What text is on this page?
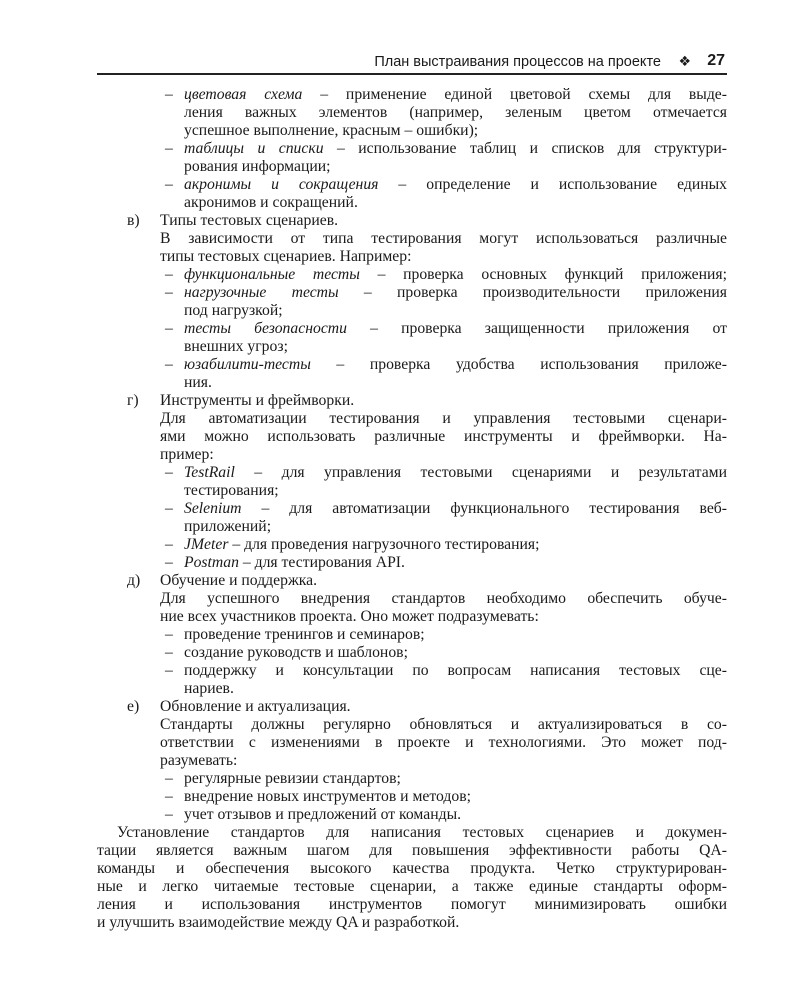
План выстраивания процессов на проекте ❖ 27
– цветовая схема – применение единой цветовой схемы для выде-
ления важных элементов (например, зеленым цветом отмечается
успешное выполнение, красным – ошибки);
– таблицы и списки – использование таблиц и списков для структури-
рования информации;
– акронимы и сокращения – определение и использование единых
акронимов и сокращений.
в) Типы тестовых сценариев.
В зависимости от типа тестирования могут использоваться различные
типы тестовых сценариев. Например:
– функциональные тесты – проверка основных функций приложения;
– нагрузочные тесты – проверка производительности приложения
под нагрузкой;
– тесты безопасности – проверка защищенности приложения от
внешних угроз;
– юзабилити-тесты – проверка удобства использования приложе-
ния.
г) Инструменты и фреймворки.
Для автоматизации тестирования и управления тестовыми сценари-
ями можно использовать различные инструменты и фреймворки. На-
пример:
– TestRail – для управления тестовыми сценариями и результатами
тестирования;
– Selenium – для автоматизации функционального тестирования веб-
приложений;
– JMeter – для проведения нагрузочного тестирования;
– Postman – для тестирования API.
д) Обучение и поддержка.
Для успешного внедрения стандартов необходимо обеспечить обуче-
ние всех участников проекта. Оно может подразумевать:
– проведение тренингов и семинаров;
– создание руководств и шаблонов;
– поддержку и консультации по вопросам написания тестовых сце-
нариев.
е) Обновление и актуализация.
Стандарты должны регулярно обновляться и актуализироваться в со-
ответствии с изменениями в проекте и технологиями. Это может под-
разумевать:
– регулярные ревизии стандартов;
– внедрение новых инструментов и методов;
– учет отзывов и предложений от команды.
Установление стандартов для написания тестовых сценариев и докумен-
тации является важным шагом для повышения эффективности работы QA-
команды и обеспечения высокого качества продукта. Четко структурирован-
ные и легко читаемые тестовые сценарии, а также единые стандарты оформ-
ления и использования инструментов помогут минимизировать ошибки
и улучшить взаимодействие между QA и разработкой.
